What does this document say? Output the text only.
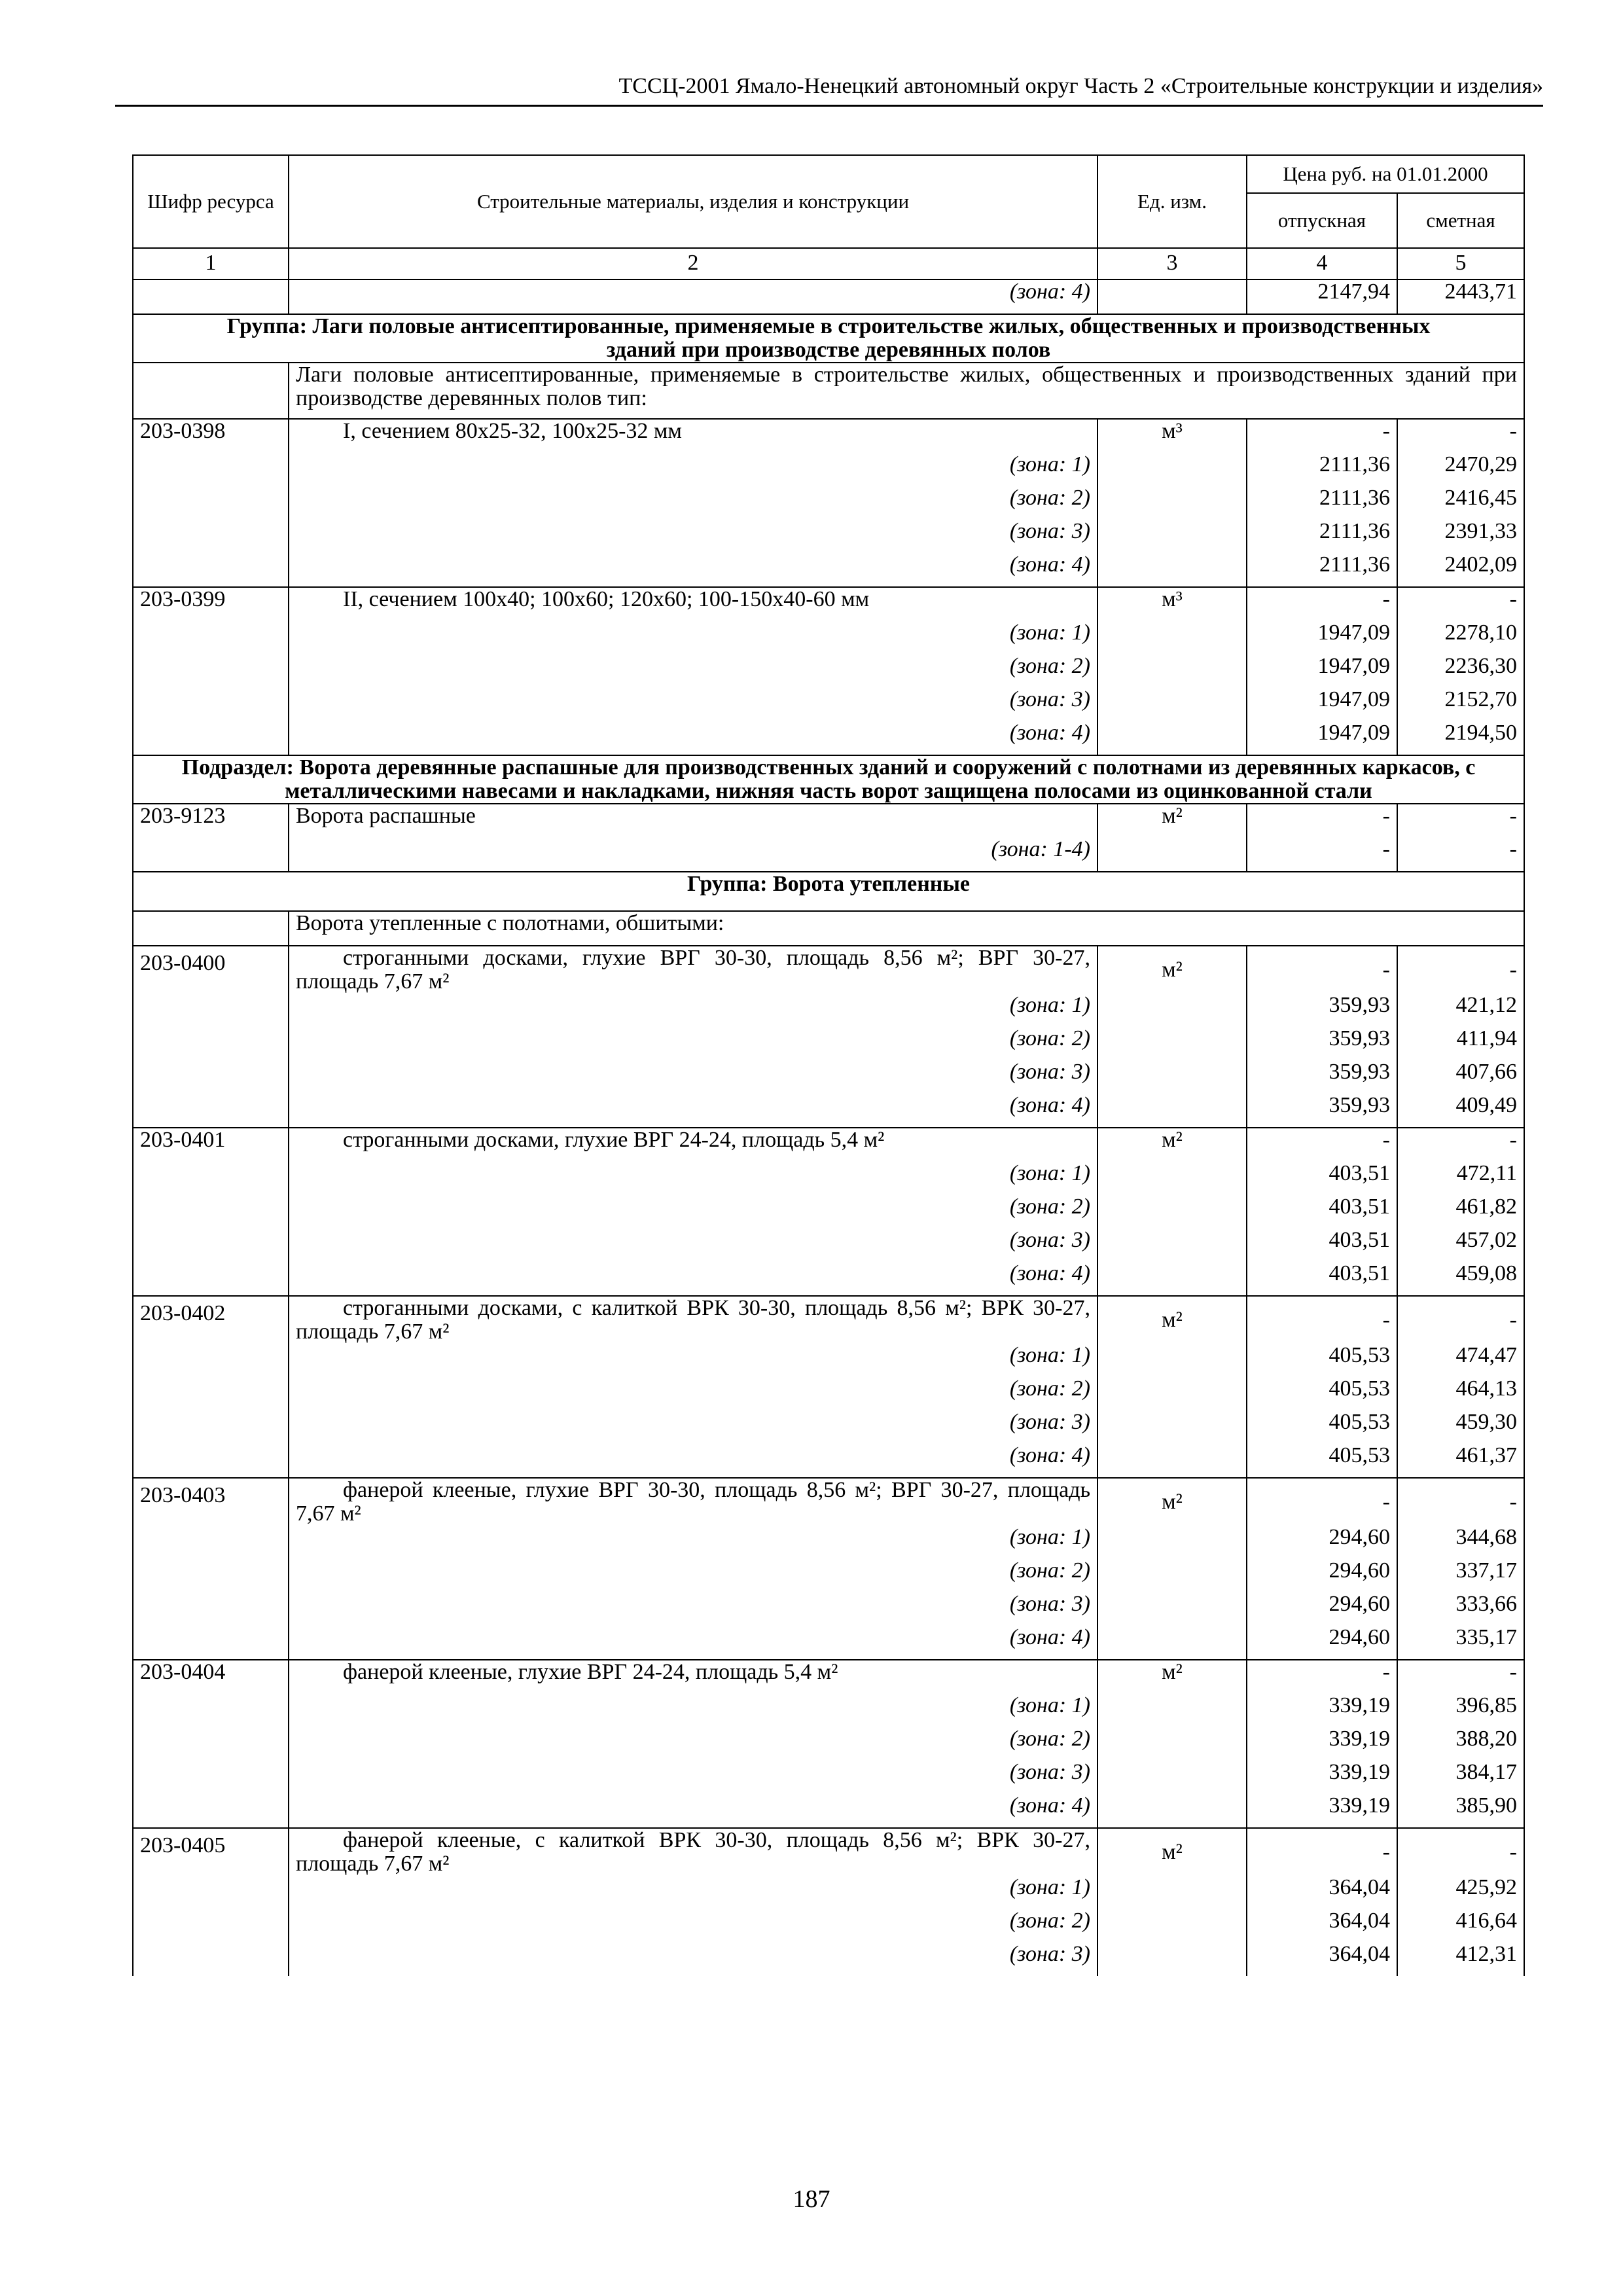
ТССЦ-2001 Ямало-Ненецкий автономный округ Часть 2 «Строительные конструкции и изделия»
Шифр ресурса	Строительные материалы, изделия и конструкции	Ед. изм.	Цена руб. на 01.01.2000	
			отпускная	сметная
1	2	3	4	5
	(зона: 4)		2147,94	2443,71
Группа: Лаги половые антисептированные, применяемые в строительстве жилых, общественных и производственных зданий при производстве деревянных полов				
	Лаги половые антисептированные, применяемые в строительстве жилых, общественных и производственных зданий при производстве деревянных полов тип:			
203-0398	I, сечением 80х25-32, 100х25-32 мм	м³	-	-
	(зона: 1)		2111,36	2470,29
	(зона: 2)		2111,36	2416,45
	(зона: 3)		2111,36	2391,33
	(зона: 4)		2111,36	2402,09
203-0399	II, сечением 100х40; 100х60; 120х60; 100-150х40-60 мм	м³	-	-
	(зона: 1)		1947,09	2278,10
	(зона: 2)		1947,09	2236,30
	(зона: 3)		1947,09	2152,70
	(зона: 4)		1947,09	2194,50
Подраздел: Ворота деревянные распашные для производственных зданий и сооружений с полотнами из деревянных каркасов, с металлическими навесами и накладками, нижняя часть ворот защищена полосами из оцинкованной стали				
203-9123	Ворота распашные	м²	-	-
	(зона: 1-4)		-	-
Группа: Ворота утепленные				
	Ворота утепленные с полотнами, обшитыми:			
203-0400	строганными досками, глухие ВРГ 30-30, площадь 8,56 м²; ВРГ 30-27, площадь 7,67 м²	м²	-	-
	(зона: 1)		359,93	421,12
	(зона: 2)		359,93	411,94
	(зона: 3)		359,93	407,66
	(зона: 4)		359,93	409,49
203-0401	строганными досками, глухие ВРГ 24-24, площадь 5,4 м²	м²	-	-
	(зона: 1)		403,51	472,11
	(зона: 2)		403,51	461,82
	(зона: 3)		403,51	457,02
	(зона: 4)		403,51	459,08
203-0402	строганными досками, с калиткой ВРК 30-30, площадь 8,56 м²; ВРК 30-27, площадь 7,67 м²	м²	-	-
	(зона: 1)		405,53	474,47
	(зона: 2)		405,53	464,13
	(зона: 3)		405,53	459,30
	(зона: 4)		405,53	461,37
203-0403	фанерой клееные, глухие ВРГ 30-30, площадь 8,56 м²; ВРГ 30-27, площадь 7,67 м²	м²	-	-
	(зона: 1)		294,60	344,68
	(зона: 2)		294,60	337,17
	(зона: 3)		294,60	333,66
	(зона: 4)		294,60	335,17
203-0404	фанерой клееные, глухие ВРГ 24-24, площадь 5,4 м²	м²	-	-
	(зона: 1)		339,19	396,85
	(зона: 2)		339,19	388,20
	(зона: 3)		339,19	384,17
	(зона: 4)		339,19	385,90
203-0405	фанерой клееные, с калиткой ВРК 30-30, площадь 8,56 м²; ВРК 30-27, площадь 7,67 м²	м²	-	-
	(зона: 1)		364,04	425,92
	(зона: 2)		364,04	416,64
	(зона: 3)		364,04	412,31
187
